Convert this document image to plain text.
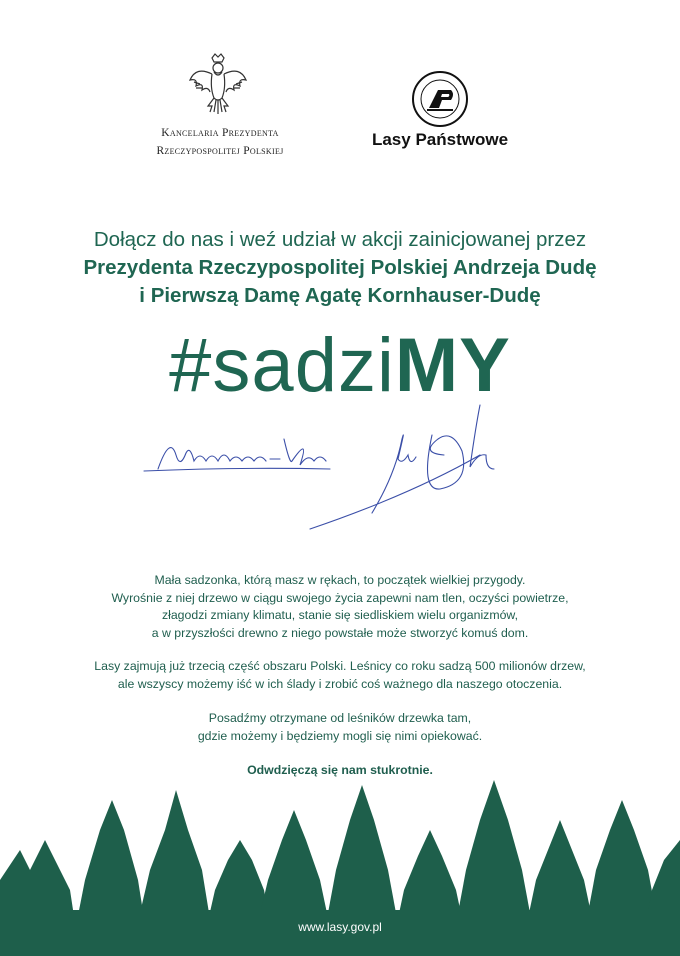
Kancelaria Prezydenta
Rzeczypospolitej Polskiej
Lasy Państwowe
Dołącz do nas i weź udział w akcji zainicjowanej przez
Prezydenta Rzeczypospolitej Polskiej Andrzeja Dudę
i Pierwszą Damę Agatę Kornhauser-Dudę
#sadziMY
Mała sadzonka, którą masz w rękach, to początek wielkiej przygody.
Wyrośnie z niej drzewo w ciągu swojego życia zapewni nam tlen, oczyści powietrze,
złagodzi zmiany klimatu, stanie się siedliskiem wielu organizmów,
a w przyszłości drewno z niego powstałe może stworzyć komuś dom.
Lasy zajmują już trzecią część obszaru Polski. Leśnicy co roku sadzą 500 milionów drzew,
ale wszyscy możemy iść w ich ślady i zrobić coś ważnego dla naszego otoczenia.
Posadźmy otrzymane od leśników drzewka tam,
gdzie możemy i będziemy mogli się nimi opiekować.
Odwdzięczą się nam stukrotnie.
www.lasy.gov.pl
